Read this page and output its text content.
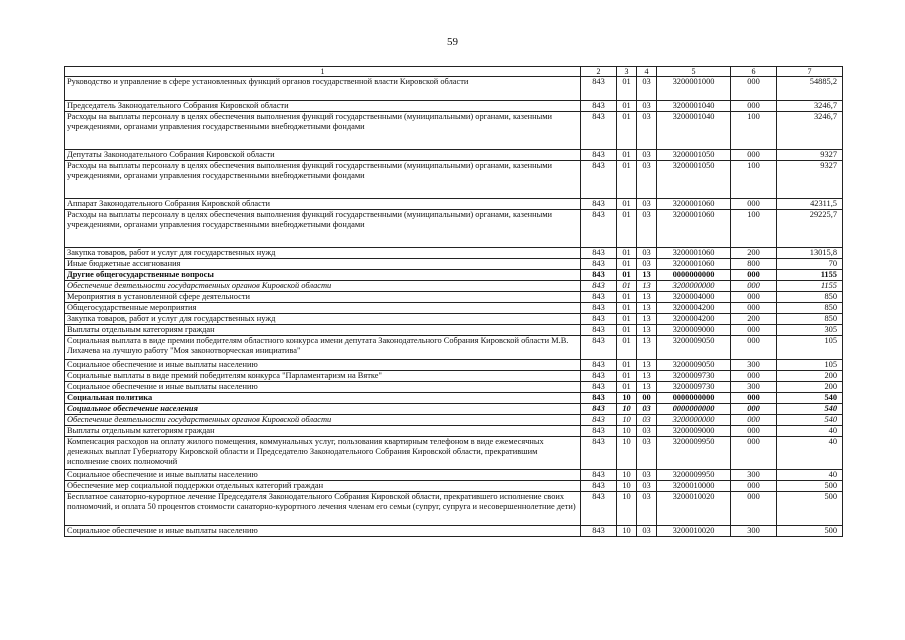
59
1	2	3	4	5	6	7
Руководство и управление в сфере установленных функций органов государственной власти Кировской области	843	01	03	3200001000	000	54885,2
Председатель Законодательного Собрания Кировской области	843	01	03	3200001040	000	3246,7
Расходы на выплаты персоналу в целях обеспечения выполнения функций государственными (муниципальными) органами, казенными учреждениями, органами управления государственными внебюджетными фондами	843	01	03	3200001040	100	3246,7
Депутаты Законодательного Собрания Кировской области	843	01	03	3200001050	000	9327
Расходы на выплаты персоналу в целях обеспечения выполнения функций государственными (муниципальными) органами, казенными учреждениями, органами управления государственными внебюджетными фондами	843	01	03	3200001050	100	9327
Аппарат Законодательного Собрания Кировской области	843	01	03	3200001060	000	42311,5
Расходы на выплаты персоналу в целях обеспечения выполнения функций государственными (муниципальными) органами, казенными учреждениями, органами управления государственными внебюджетными фондами	843	01	03	3200001060	100	29225,7
Закупка товаров, работ и услуг для государственных нужд	843	01	03	3200001060	200	13015,8
Иные бюджетные ассигнования	843	01	03	3200001060	800	70
Другие общегосударственные вопросы	843	01	13	0000000000	000	1155
Обеспечение деятельности государственных органов Кировской области	843	01	13	3200000000	000	1155
Мероприятия в установленной сфере деятельности	843	01	13	3200004000	000	850
Общегосударственные мероприятия	843	01	13	3200004200	000	850
Закупка товаров, работ и услуг для государственных нужд	843	01	13	3200004200	200	850
Выплаты отдельным категориям граждан	843	01	13	3200009000	000	305
Социальная выплата в виде премии победителям областного конкурса имени депутата Законодательного Собрания Кировской области М.В. Лихачева на лучшую работу "Моя законотворческая инициатива"	843	01	13	3200009050	000	105
Социальное обеспечение и иные выплаты населению	843	01	13	3200009050	300	105
Социальные выплаты в виде премий победителям конкурса "Парламентаризм на Вятке"	843	01	13	3200009730	000	200
Социальное обеспечение и иные выплаты населению	843	01	13	3200009730	300	200
Социальная политика	843	10	00	0000000000	000	540
Социальное обеспечение населения	843	10	03	0000000000	000	540
Обеспечение деятельности государственных органов Кировской области	843	10	03	3200000000	000	540
Выплаты отдельным категориям граждан	843	10	03	3200009000	000	40
Компенсация расходов на оплату жилого помещения, коммунальных услуг, пользования квартирным телефоном в виде ежемесячных денежных выплат Губернатору Кировской области и Председателю Законодательного Собрания Кировской области, прекратившим исполнение своих полномочий	843	10	03	3200009950	000	40
Социальное обеспечение и иные выплаты населению	843	10	03	3200009950	300	40
Обеспечение мер социальной поддержки отдельных категорий граждан	843	10	03	3200010000	000	500
Бесплатное санаторно-курортное лечение Председателя Законодательного Собрания Кировской области, прекратившего исполнение своих полномочий, и оплата 50 процентов стоимости санаторно-курортного лечения членам его семьи (супруг, супруга и несовершеннолетние дети)	843	10	03	3200010020	000	500
Социальное обеспечение и иные выплаты населению	843	10	03	3200010020	300	500
